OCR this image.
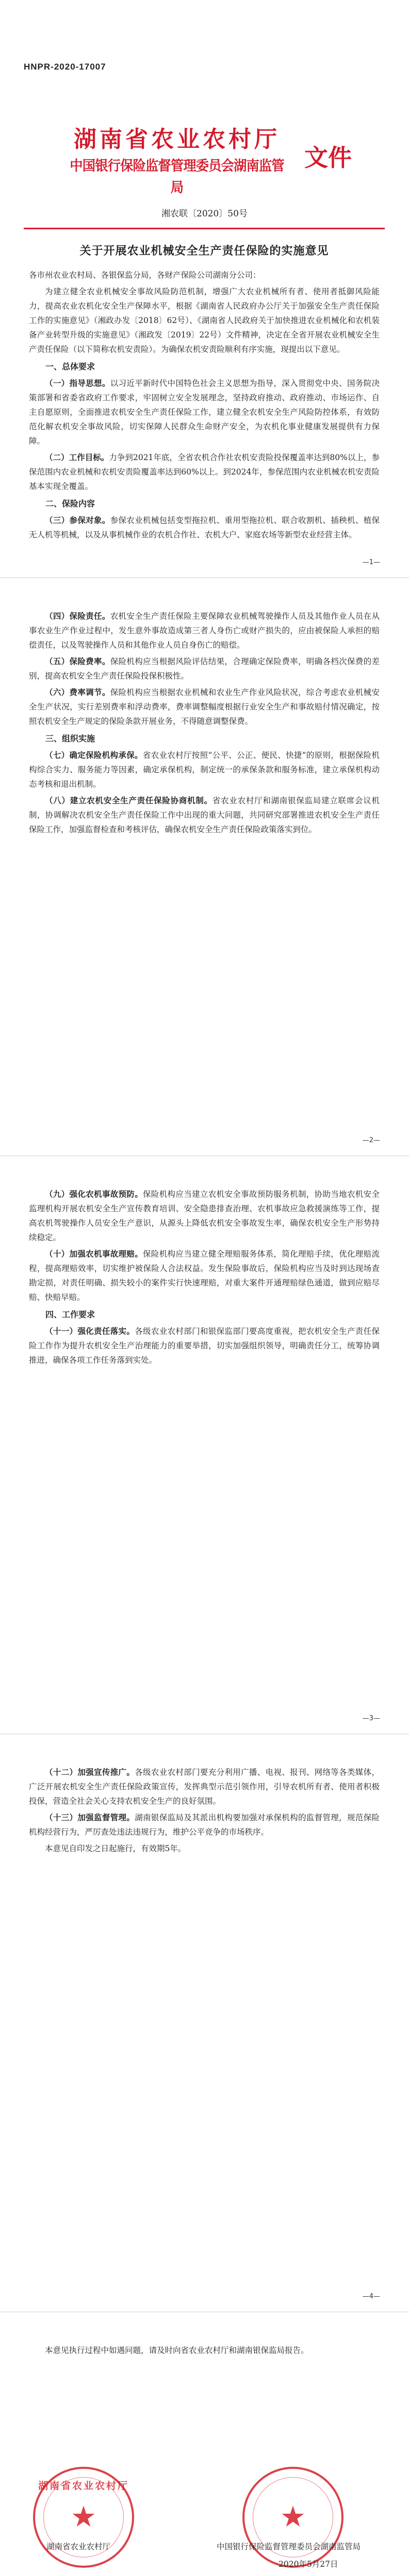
HNPR-2020-17007
湖南省农业农村厅
中国银行保险监督管理委员会湖南监管局
文件
湘农联〔2020〕50号
关于开展农业机械安全生产责任保险的实施意见

各市州农业农村局、各银保监分局，各财产保险公司湖南分公司：

为建立健全农业机械安全事故风险防范机制，增强广大农业机械所有者、使用者抵御风险能力，提高农业农机化安全生产保障水平，根据《湖南省人民政府办公厅关于加强安全生产责任保险工作的实施意见》（湘政办发〔2018〕62号）、《湖南省人民政府关于加快推进农业机械化和农机装备产业转型升级的实施意见》（湘政发〔2019〕22号）文件精神，决定在全省开展农业机械安全生产责任保险（以下简称农机安责险）。为确保农机安责险顺利有序实施，现提出以下意见。

一、总体要求

（一）指导思想。以习近平新时代中国特色社会主义思想为指导，深入贯彻党中央、国务院决策部署和省委省政府工作要求，牢固树立安全发展理念，坚持政府推动、政府推动、市场运作、自主自愿原则，全面推进农机安全生产责任保险工作，建立健全农机安全生产风险防控体系，有效防范化解农机安全事故风险，切实保障人民群众生命财产安全，为农机化事业健康发展提供有力保障。

（二）工作目标。力争到2021年底，全省农机合作社农机安责险投保覆盖率达到80%以上，参保范围内农业机械和农机安责险覆盖率达到60%以上。到2024年，参保范围内农业机械农机安责险基本实现全覆盖。

二、保险内容

（三）参保对象。参保农业机械包括变型拖拉机、重用型拖拉机、联合收割机、插秧机、植保无人机等机械，以及从事机械作业的农机合作社、农机大户、家庭农场等新型农业经营主体。

—1—

（四）保险责任。农机安全生产责任保险主要保障农业机械驾驶操作人员及其他作业人员在从事农业生产作业过程中，发生意外事故造成第三者人身伤亡或财产损失的，应由被保险人承担的赔偿责任，以及驾驶操作人员和其他作业人员自身伤亡的赔偿。

（五）保险费率。保险机构应当根据风险评估结果，合理确定保险费率，明确各档次保费的差别，提高农机安全生产责任保险投保积极性。

（六）费率调节。保险机构应当根据农业机械和农业生产作业风险状况，综合考虑农业机械安全生产状况，实行差别费率和浮动费率，费率调整幅度根据行业安全生产和事故赔付情况确定，按照农机安全生产规定的保险条款开展业务，不得随意调整保费。

三、组织实施

（七）确定保险机构承保。省农业农村厅按照“公平、公正、便民、快捷”的原则，根据保险机构综合实力、服务能力等因素，确定承保机构，制定统一的承保条款和服务标准，建立承保机构动态考核和退出机制。

（八）建立农机安全生产责任保险协商机制。省农业农村厅和湖南银保监局建立联席会议机制，协调解决农机安全生产责任保险工作中出现的重大问题，共同研究部署推进农机安全生产责任保险工作，加强监督检查和考核评估，确保农机安全生产责任保险政策落实到位。

—2—

（九）强化农机事故预防。保险机构应当建立农机安全事故预防服务机制，协助当地农机安全监理机构开展农机安全生产宣传教育培训、安全隐患排查治理、农机事故应急救援演练等工作，提高农机驾驶操作人员安全生产意识，从源头上降低农机安全事故发生率，确保农机安全生产形势持续稳定。

（十）加强农机事故理赔。保险机构应当建立健全理赔服务体系，简化理赔手续，优化理赔流程，提高理赔效率，切实维护被保险人合法权益。发生保险事故后，保险机构应当及时到达现场查勘定损，对责任明确、损失较小的案件实行快速理赔，对重大案件开通理赔绿色通道，做到应赔尽赔、快赔早赔。

四、工作要求

（十一）强化责任落实。各级农业农村部门和银保监部门要高度重视，把农机安全生产责任保险工作作为提升农机安全生产治理能力的重要举措，切实加强组织领导，明确责任分工，统筹协调推进，确保各项工作任务落到实处。

—3—

（十二）加强宣传推广。各级农业农村部门要充分利用广播、电视、报刊、网络等各类媒体，广泛开展农机安全生产责任保险政策宣传，发挥典型示范引领作用，引导农机所有者、使用者积极投保，营造全社会关心支持农机安全生产的良好氛围。

（十三）加强监督管理。湖南银保监局及其派出机构要加强对承保机构的监督管理，规范保险机构经营行为，严厉查处违法违规行为，维护公平竞争的市场秩序。

本意见自印发之日起施行，有效期5年。

—4—

本意见执行过程中如遇问题，请及时向省农业农村厅和湖南银保监局报告。

湖南省农业农村厅
★	★
湖南省农业农村厅	中国银行保险监督管理委员会湖南监管局
2020年5月27日
